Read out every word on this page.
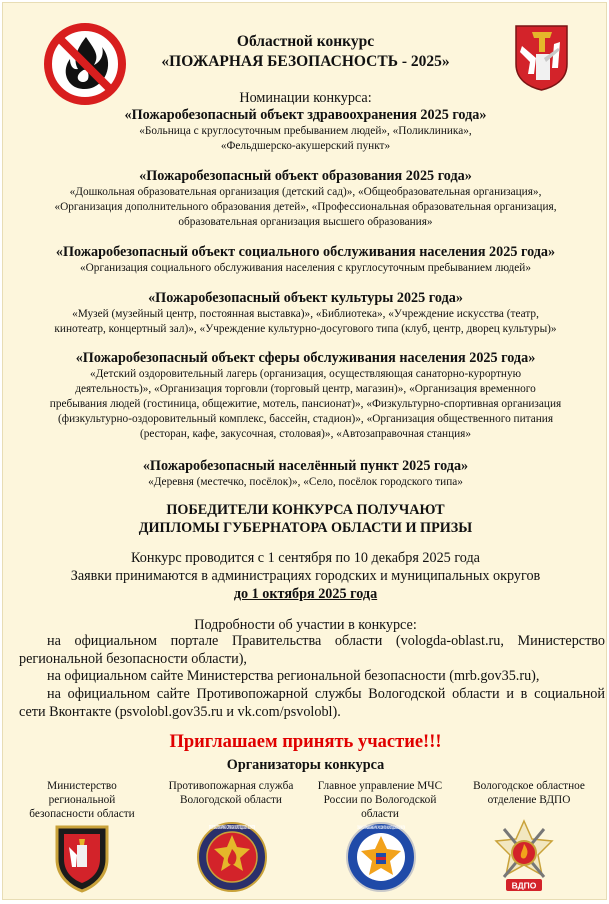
Областной конкурс
«ПОЖАРНАЯ БЕЗОПАСНОСТЬ - 2025»
Номинации конкурса:
«Пожаробезопасный объект здравоохранения 2025 года»
«Больница с круглосуточным пребыванием людей», «Поликлиника»,
«Фельдшерско-акушерский пункт»
«Пожаробезопасный объект образования 2025 года»
«Дошкольная образовательная организация (детский сад)», «Общеобразовательная организация»,
«Организация дополнительного образования детей», «Профессиональная образовательная организация,
образовательная организация высшего образования»
«Пожаробезопасный объект социального обслуживания населения 2025 года»
«Организация социального обслуживания населения с круглосуточным пребыванием людей»
«Пожаробезопасный объект культуры 2025 года»
«Музей (музейный центр, постоянная выставка)», «Библиотека», «Учреждение искусства (театр,
кинотеатр, концертный зал)», «Учреждение культурно-досугового типа (клуб, центр, дворец культуры)»
«Пожаробезопасный объект сферы обслуживания населения 2025 года»
«Детский оздоровительный лагерь (организация, осуществляющая санаторно-курортную
деятельность)», «Организация торговли (торговый центр, магазин)», «Организация временного
пребывания людей (гостиница, общежитие, мотель, пансионат)», «Физкультурно-спортивная организация
(физкультурно-оздоровительный комплекс, бассейн, стадион)», «Организация общественного питания
(ресторан, кафе, закусочная, столовая)», «Автозаправочная станция»
«Пожаробезопасный населённый пункт 2025 года»
«Деревня (местечко, посёлок)», «Село, посёлок городского типа»
ПОБЕДИТЕЛИ КОНКУРСА ПОЛУЧАЮТ
ДИПЛОМЫ ГУБЕРНАТОРА ОБЛАСТИ И ПРИЗЫ
Конкурс проводится с 1 сентября по 10 декабря 2025 года
Заявки принимаются в администрациях городских и муниципальных округов
до 1 октября 2025 года
Подробности об участии в конкурсе:
на официальном портале Правительства области (vologda-oblast.ru, Министерство региональной безопасности области),
на официальном сайте Министерства региональной безопасности (mrb.gov35.ru),
на официальном сайте Противопожарной службы Вологодской области и в социальной сети Вконтакте (psvolobl.gov35.ru и vk.com/psvolobl).
Приглашаем принять участие!!!
Организаторы конкурса
Министерство
региональной
безопасности области
Противопожарная служба
Вологодской области
Главное управление МЧС
России по Вологодской
области
Вологодское областное
отделение ВДПО
ПРОТИВОПОЖАРНАЯ СЛУЖБА ВОЛОГОДСКОЙ ОБЛАСТИ
ГЛАВНОЕ УПРАВЛЕНИЕ МЧС РОССИИ ПО ВОЛОГОДСКОЙ ОБЛАСТИ
ВДПО
